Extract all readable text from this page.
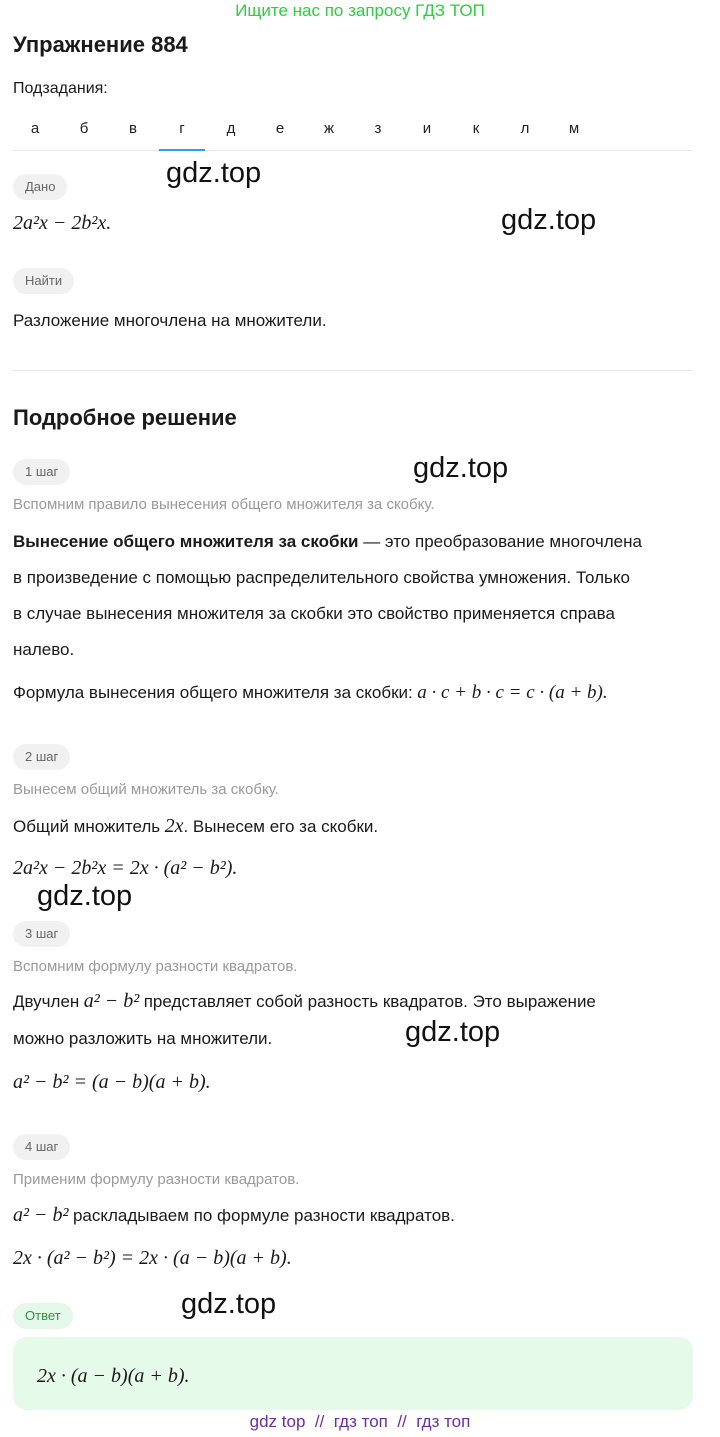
Ищите нас по запросу ГДЗ ТОП
Упражнение 884
Подзадания:
а	б	в	г	д	е	ж	з	и	к	л	м
Дано
2a²x − 2b²x.
Найти
Разложение многочлена на множители.
Подробное решение
1 шаг
Вспомним правило вынесения общего множителя за скобку.
Вынесение общего множителя за скобки — это преобразование многочлена
в произведение с помощью распределительного свойства умножения. Только
в случае вынесения множителя за скобки это свойство применяется справа
налево.
Формула вынесения общего множителя за скобки: a · c + b · c = c · (a + b).
2 шаг
Вынесем общий множитель за скобку.
Общий множитель 2x. Вынесем его за скобки.
2a²x − 2b²x = 2x · (a² − b²).
3 шаг
Вспомним формулу разности квадратов.
Двучлен a² − b² представляет собой разность квадратов. Это выражение
можно разложить на множители.
a² − b² = (a − b)(a + b).
4 шаг
Применим формулу разности квадратов.
a² − b² раскладываем по формуле разности квадратов.
2x · (a² − b²) = 2x · (a − b)(a + b).
Ответ
2x · (a − b)(a + b).
gdz.top
gdz.top
gdz.top
gdz.top
gdz.top
gdz.top
gdz top  //  гдз топ  //  гдз топ
